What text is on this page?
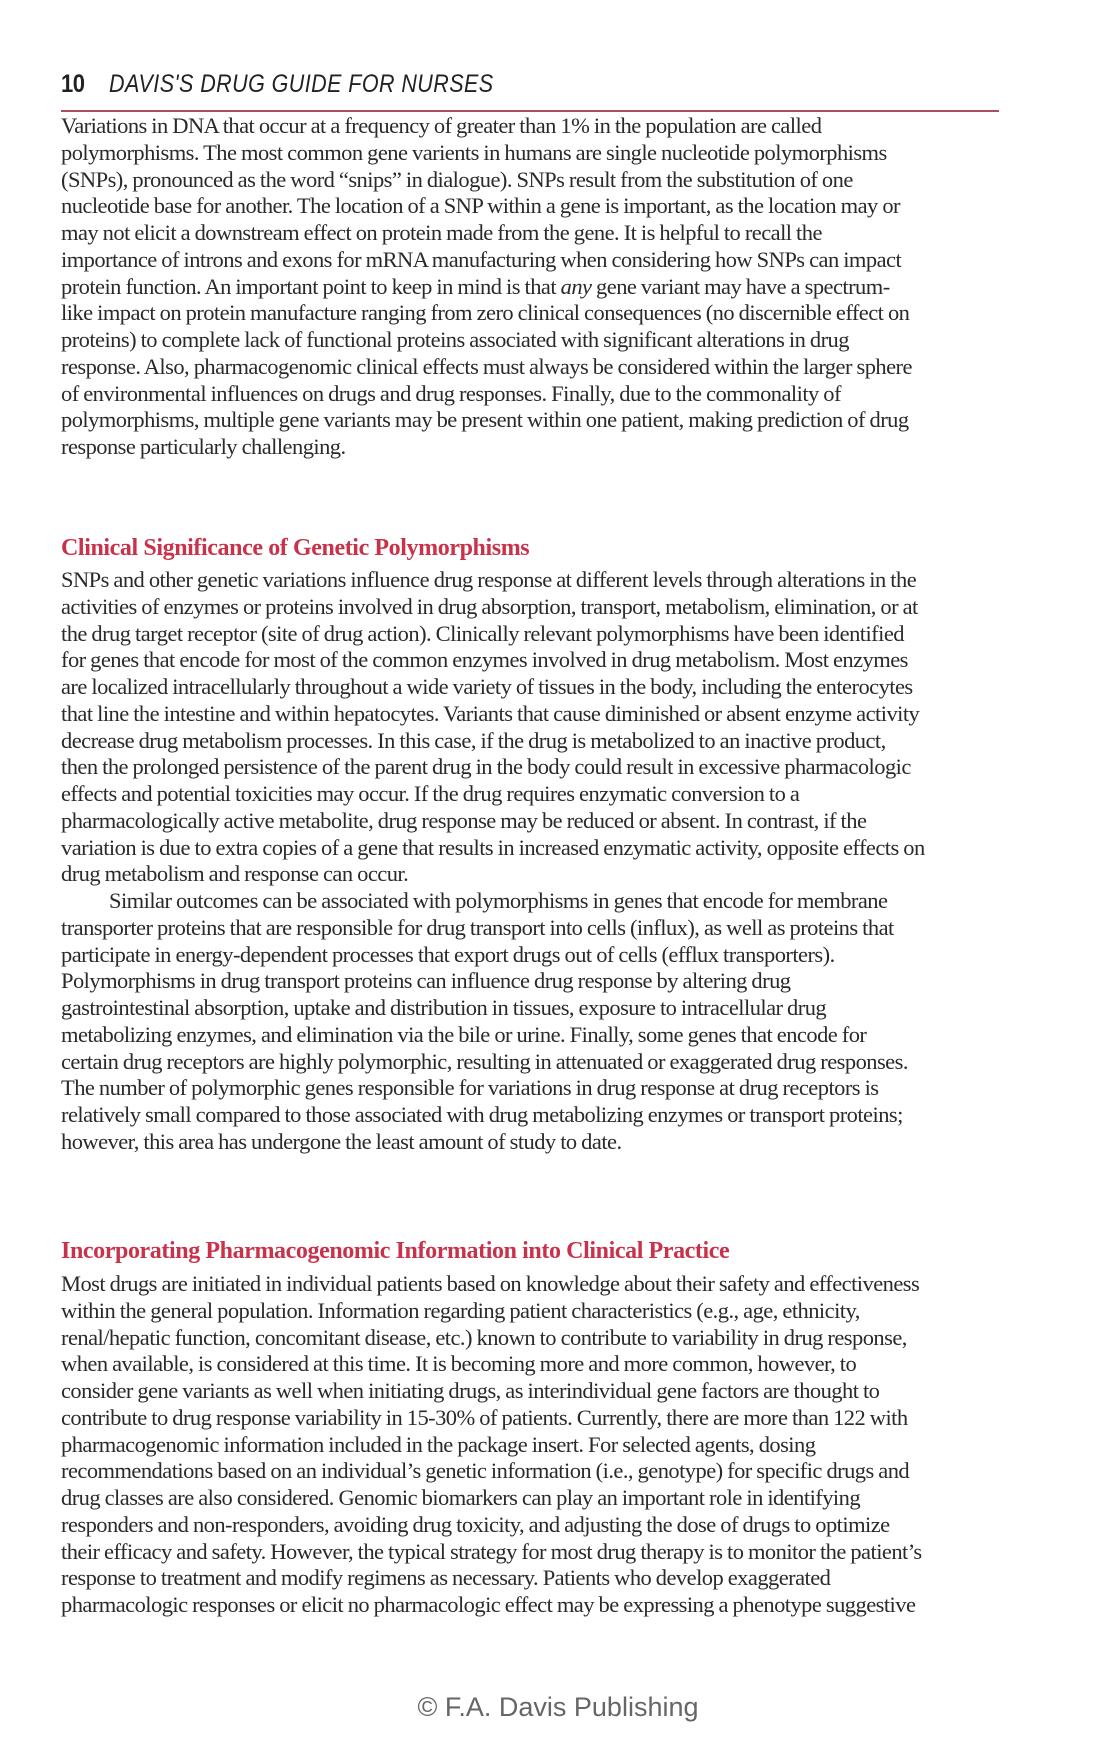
10 DAVIS'S DRUG GUIDE FOR NURSES

Variations in DNA that occur at a frequency of greater than 1% in the population are called
polymorphisms. The most common gene varients in humans are single nucleotide polymorphisms
(SNPs), pronounced as the word “snips” in dialogue). SNPs result from the substitution of one
nucleotide base for another. The location of a SNP within a gene is important, as the location may or
may not elicit a downstream effect on protein made from the gene. It is helpful to recall the
importance of introns and exons for mRNA manufacturing when considering how SNPs can impact
protein function. An important point to keep in mind is that any gene variant may have a spectrum-
like impact on protein manufacture ranging from zero clinical consequences (no discernible effect on
proteins) to complete lack of functional proteins associated with significant alterations in drug
response. Also, pharmacogenomic clinical effects must always be considered within the larger sphere
of environmental influences on drugs and drug responses. Finally, due to the commonality of
polymorphisms, multiple gene variants may be present within one patient, making prediction of drug
response particularly challenging.

Clinical Significance of Genetic Polymorphisms

SNPs and other genetic variations influence drug response at different levels through alterations in the
activities of enzymes or proteins involved in drug absorption, transport, metabolism, elimination, or at
the drug target receptor (site of drug action). Clinically relevant polymorphisms have been identified
for genes that encode for most of the common enzymes involved in drug metabolism. Most enzymes
are localized intracellularly throughout a wide variety of tissues in the body, including the enterocytes
that line the intestine and within hepatocytes. Variants that cause diminished or absent enzyme activity
decrease drug metabolism processes. In this case, if the drug is metabolized to an inactive product,
then the prolonged persistence of the parent drug in the body could result in excessive pharmacologic
effects and potential toxicities may occur. If the drug requires enzymatic conversion to a
pharmacologically active metabolite, drug response may be reduced or absent. In contrast, if the
variation is due to extra copies of a gene that results in increased enzymatic activity, opposite effects on
drug metabolism and response can occur.
Similar outcomes can be associated with polymorphisms in genes that encode for membrane
transporter proteins that are responsible for drug transport into cells (influx), as well as proteins that
participate in energy-dependent processes that export drugs out of cells (efflux transporters).
Polymorphisms in drug transport proteins can influence drug response by altering drug
gastrointestinal absorption, uptake and distribution in tissues, exposure to intracellular drug
metabolizing enzymes, and elimination via the bile or urine. Finally, some genes that encode for
certain drug receptors are highly polymorphic, resulting in attenuated or exaggerated drug responses.
The number of polymorphic genes responsible for variations in drug response at drug receptors is
relatively small compared to those associated with drug metabolizing enzymes or transport proteins;
however, this area has undergone the least amount of study to date.

Incorporating Pharmacogenomic Information into Clinical Practice

Most drugs are initiated in individual patients based on knowledge about their safety and effectiveness
within the general population. Information regarding patient characteristics (e.g., age, ethnicity,
renal/hepatic function, concomitant disease, etc.) known to contribute to variability in drug response,
when available, is considered at this time. It is becoming more and more common, however, to
consider gene variants as well when initiating drugs, as interindividual gene factors are thought to
contribute to drug response variability in 15-30% of patients. Currently, there are more than 122 with
pharmacogenomic information included in the package insert. For selected agents, dosing
recommendations based on an individual’s genetic information (i.e., genotype) for specific drugs and
drug classes are also considered. Genomic biomarkers can play an important role in identifying
responders and non-responders, avoiding drug toxicity, and adjusting the dose of drugs to optimize
their efficacy and safety. However, the typical strategy for most drug therapy is to monitor the patient’s
response to treatment and modify regimens as necessary. Patients who develop exaggerated
pharmacologic responses or elicit no pharmacologic effect may be expressing a phenotype suggestive

© F.A. Davis Publishing
